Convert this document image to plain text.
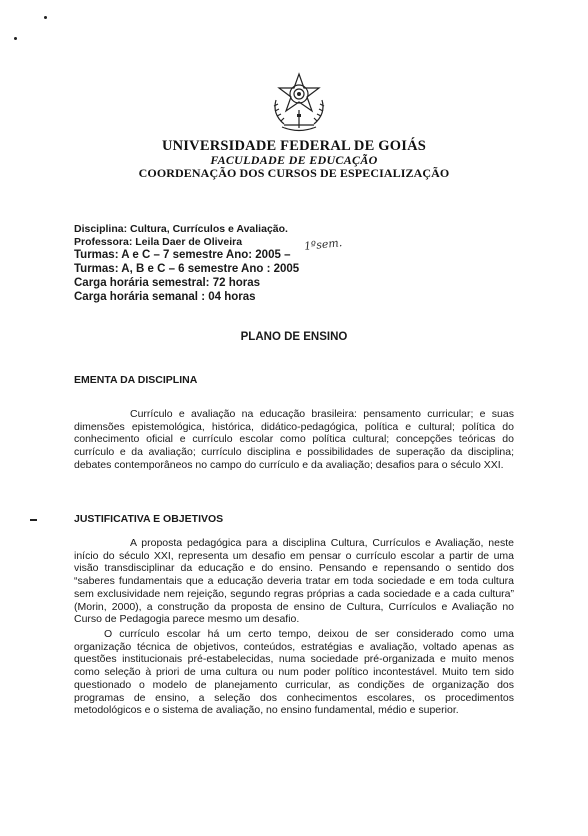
UNIVERSIDADE FEDERAL DE GOIÁS
FACULDADE DE EDUCAÇÃO
COORDENAÇÃO DOS CURSOS DE ESPECIALIZAÇÃO
Disciplina: Cultura, Currículos e Avaliação.
Professora: Leila Daer de Oliveira
Turmas: A e C – 7 semestre Ano: 2005 –
Turmas: A, B e C – 6 semestre Ano : 2005
Carga horária semestral: 72 horas
Carga horária semanal : 04 horas
1ºsem.
PLANO DE ENSINO
EMENTA DA DISCIPLINA
Currículo e avaliação na educação brasileira: pensamento curricular; e suas dimensões epistemológica, histórica, didático-pedagógica, política e cultural; política do conhecimento oficial e currículo escolar como política cultural; concepções teóricas do currículo e da avaliação; currículo disciplina e possibilidades de superação da disciplina; debates contemporâneos no campo do currículo e da avaliação; desafios para o século XXI.
JUSTIFICATIVA E OBJETIVOS
A proposta pedagógica para a disciplina Cultura, Currículos e Avaliação, neste início do século XXI, representa um desafio em pensar o currículo escolar a partir de uma visão transdisciplinar da educação e do ensino. Pensando e repensando o sentido dos “saberes fundamentais que a educação deveria tratar em toda sociedade e em toda cultura sem exclusividade nem rejeição, segundo regras próprias a cada sociedade e a cada cultura” (Morin, 2000), a construção da proposta de ensino de Cultura, Currículos e Avaliação no Curso de Pedagogia parece mesmo um desafio.
O currículo escolar há um certo tempo, deixou de ser considerado como uma organização técnica de objetivos, conteúdos, estratégias e avaliação, voltado apenas as questões institucionais pré-estabelecidas, numa sociedade pré-organizada e muito menos como seleção à priori de uma cultura ou num poder político incontestável. Muito tem sido questionado o modelo de planejamento curricular, as condições de organização dos programas de ensino, a seleção dos conhecimentos escolares, os procedimentos metodológicos e o sistema de avaliação, no ensino fundamental, médio e superior.
